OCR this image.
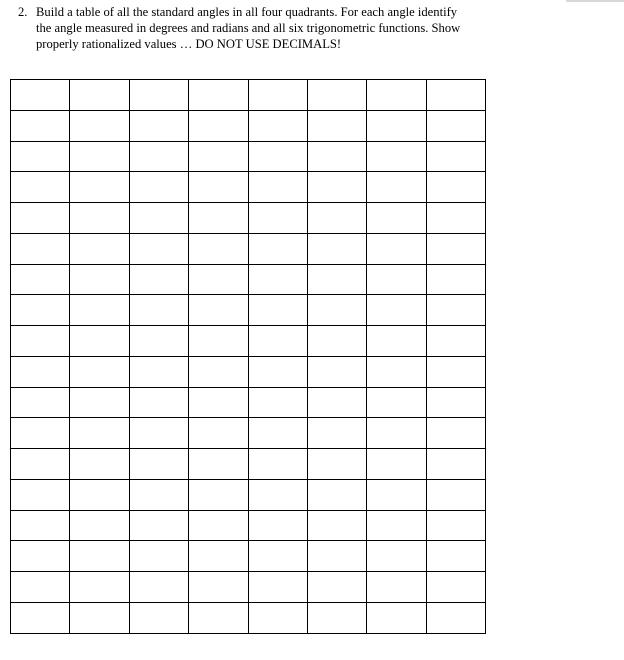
2. Build a table of all the standard angles in all four quadrants. For each angle identify
the angle measured in degrees and radians and all six trigonometric functions. Show
properly rationalized values … DO NOT USE DECIMALS!
